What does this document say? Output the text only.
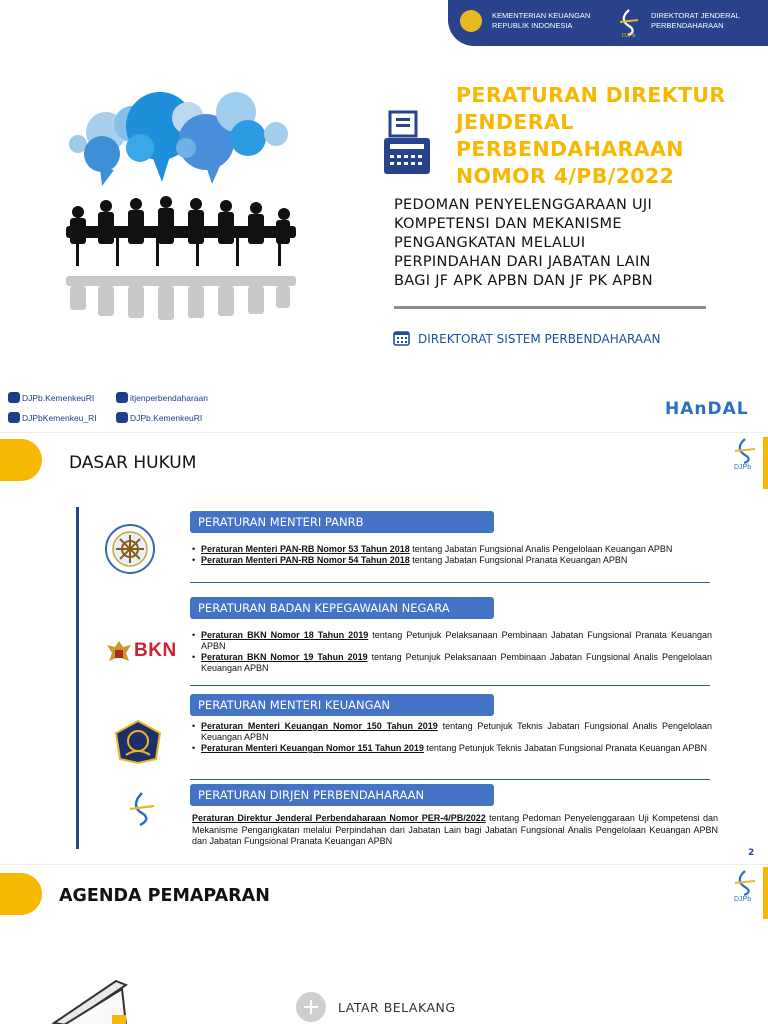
KEMENTERIAN KEUANGAN
REPUBLIK INDONESIA
DJPb
DIREKTORAT JENDERAL
PERBENDAHARAAN
PERATURAN DIREKTUR
JENDERAL
PERBENDAHARAAN
NOMOR 4/PB/2022
PEDOMAN PENYELENGGARAAN UJI
KOMPETENSI DAN MEKANISME
PENGANGKATAN MELALUI
PERPINDAHAN DARI JABATAN LAIN
BAGI JF APK APBN DAN JF PK APBN
DIREKTORAT SISTEM PERBENDAHARAAN
DJPb.KemenkeuRI	itjenperbendaharaan
DJPbKemenkeu_RI	DJPb.KemenkeuRI	HAnDAL
DASAR HUKUM	DJPb
PERATURAN MENTERI PANRB
• Peraturan Menteri PAN-RB Nomor 53 Tahun 2018 tentang Jabatan Fungsional Analis Pengelolaan Keuangan APBN
• Peraturan Menteri PAN-RB Nomor 54 Tahun 2018 tentang Jabatan Fungsional Pranata Keuangan APBN
BKN
PERATURAN BADAN KEPEGAWAIAN NEGARA
• Peraturan BKN Nomor 18 Tahun 2019 tentang Petunjuk Pelaksanaan Pembinaan Jabatan Fungsional Pranata Keuangan APBN
• Peraturan BKN Nomor 19 Tahun 2019 tentang Petunjuk Pelaksanaan Pembinaan Jabatan Fungsional Analis Pengelolaan Keuangan APBN
PERATURAN MENTERI KEUANGAN
• Peraturan Menteri Keuangan Nomor 150 Tahun 2019 tentang Petunjuk Teknis Jabatan Fungsional Analis Pengelolaan Keuangan APBN
• Peraturan Menteri Keuangan Nomor 151 Tahun 2019 tentang Petunjuk Teknis Jabatan Fungsional Pranata Keuangan APBN
PERATURAN DIRJEN PERBENDAHARAAN
Peraturan Direktur Jenderal Perbendaharaan Nomor PER-4/PB/2022 tentang Pedoman Penyelenggaraan Uji Kompetensi dan Mekanisme Pengangkatan melalui Perpindahan dari Jabatan Lain bagi Jabatan Fungsional Analis Pengelolaan Keuangan APBN dan Jabatan Fungsional Pranata Keuangan APBN
2
AGENDA PEMAPARAN	DJPb
LATAR BELAKANG
